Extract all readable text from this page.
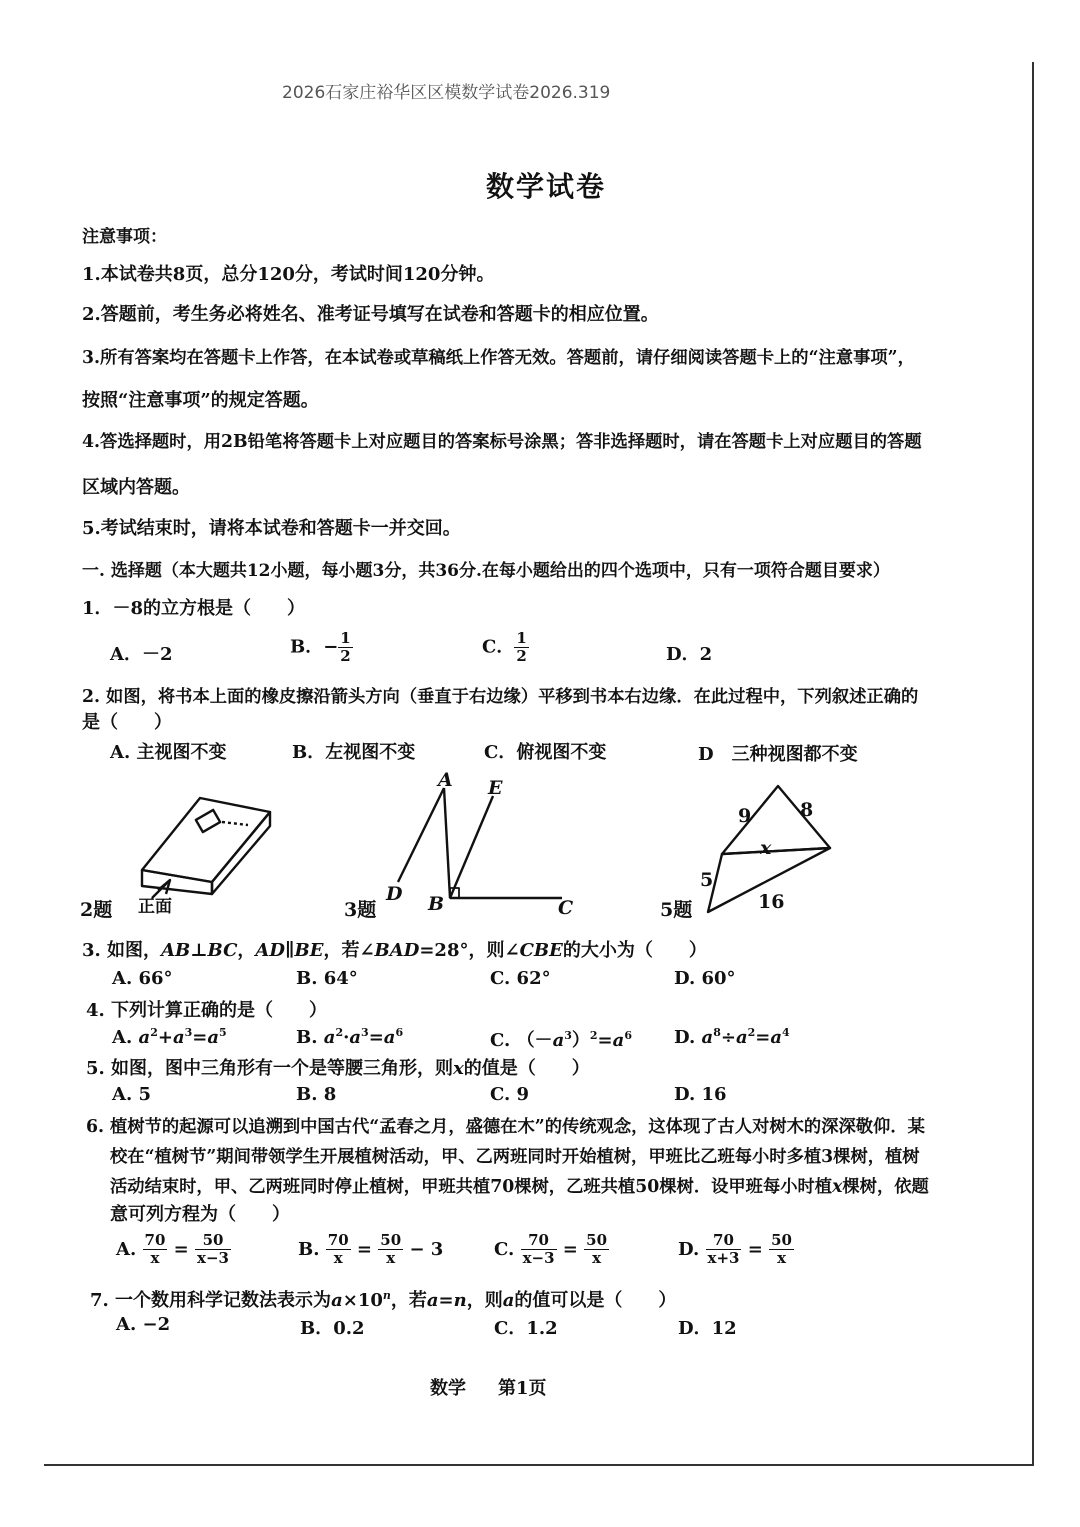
2026石家庄裕华区区模数学试卷2026.319
数学试卷
注意事项：
1.本试卷共8页，总分120分，考试时间120分钟。
2.答题前，考生务必将姓名、准考证号填写在试卷和答题卡的相应位置。
3.所有答案均在答题卡上作答，在本试卷或草稿纸上作答无效。答题前，请仔细阅读答题卡上的“注意事项”，
按照“注意事项”的规定答题。
4.答选择题时，用2B铅笔将答题卡上对应题目的答案标号涂黑；答非选择题时，请在答题卡上对应题目的答题
区域内答题。
5.考试结束时，请将本试卷和答题卡一并交回。
一. 选择题（本大题共12小题，每小题3分，共36分.在每小题给出的四个选项中，只有一项符合题目要求）
1．－8的立方根是（　　）
A．－2	B．− $\frac{1}{2}$	C． $\frac{1}{2}$	D．2
2. 如图，将书本上面的橡皮擦沿箭头方向（垂直于右边缘）平移到书本右边缘．在此过程中，下列叙述正确的
是（　　）
A. 主视图不变	B．左视图不变	C．俯视图不变	D　三种视图都不变
2题 正面	3题
A E
D B	C	5题
9	8
x
5
16
3. 如图，AB⊥BC，AD∥BE，若∠BAD=28°，则∠CBE的大小为（　　）
A. 66°	B. 64°	C. 62°	D. 60°
4. 下列计算正确的是（　　）
A. $a^2+a^3=a^5$	B. $a^2\cdot a^3=a^6$	C. $(-a^3)^2=a^6$ D. $a^8\div a^2=a^4$
5. 如图，图中三角形有一个是等腰三角形，则x的值是（　　）
A. 5	B. 8	C. 9	D. 16
6. 植树节的起源可以追溯到中国古代“孟春之月，盛德在木”的传统观念，这体现了古人对树木的深深敬仰．某
校在“植树节”期间带领学生开展植树活动，甲、乙两班同时开始植树，甲班比乙班每小时多植3棵树，植树
活动结束时，甲、乙两班同时停止植树，甲班共植70棵树，乙班共植50棵树．设甲班每小时植x棵树，依题
意可列方程为（　　）
A. $\frac{70}{x} = \frac{50}{x-3}$	B. $\frac{70}{x} = \frac{50}{x} - 3$	C. $\frac{70}{x-3} = \frac{50}{x}$	D. $\frac{70}{x+3} = \frac{50}{x}$
7. 一个数用科学记数法表示为$a\times 10^n$，若a=n，则a的值可以是（　　）
A. −2	B．0.2	C．1.2	D．12
数学 第1页
